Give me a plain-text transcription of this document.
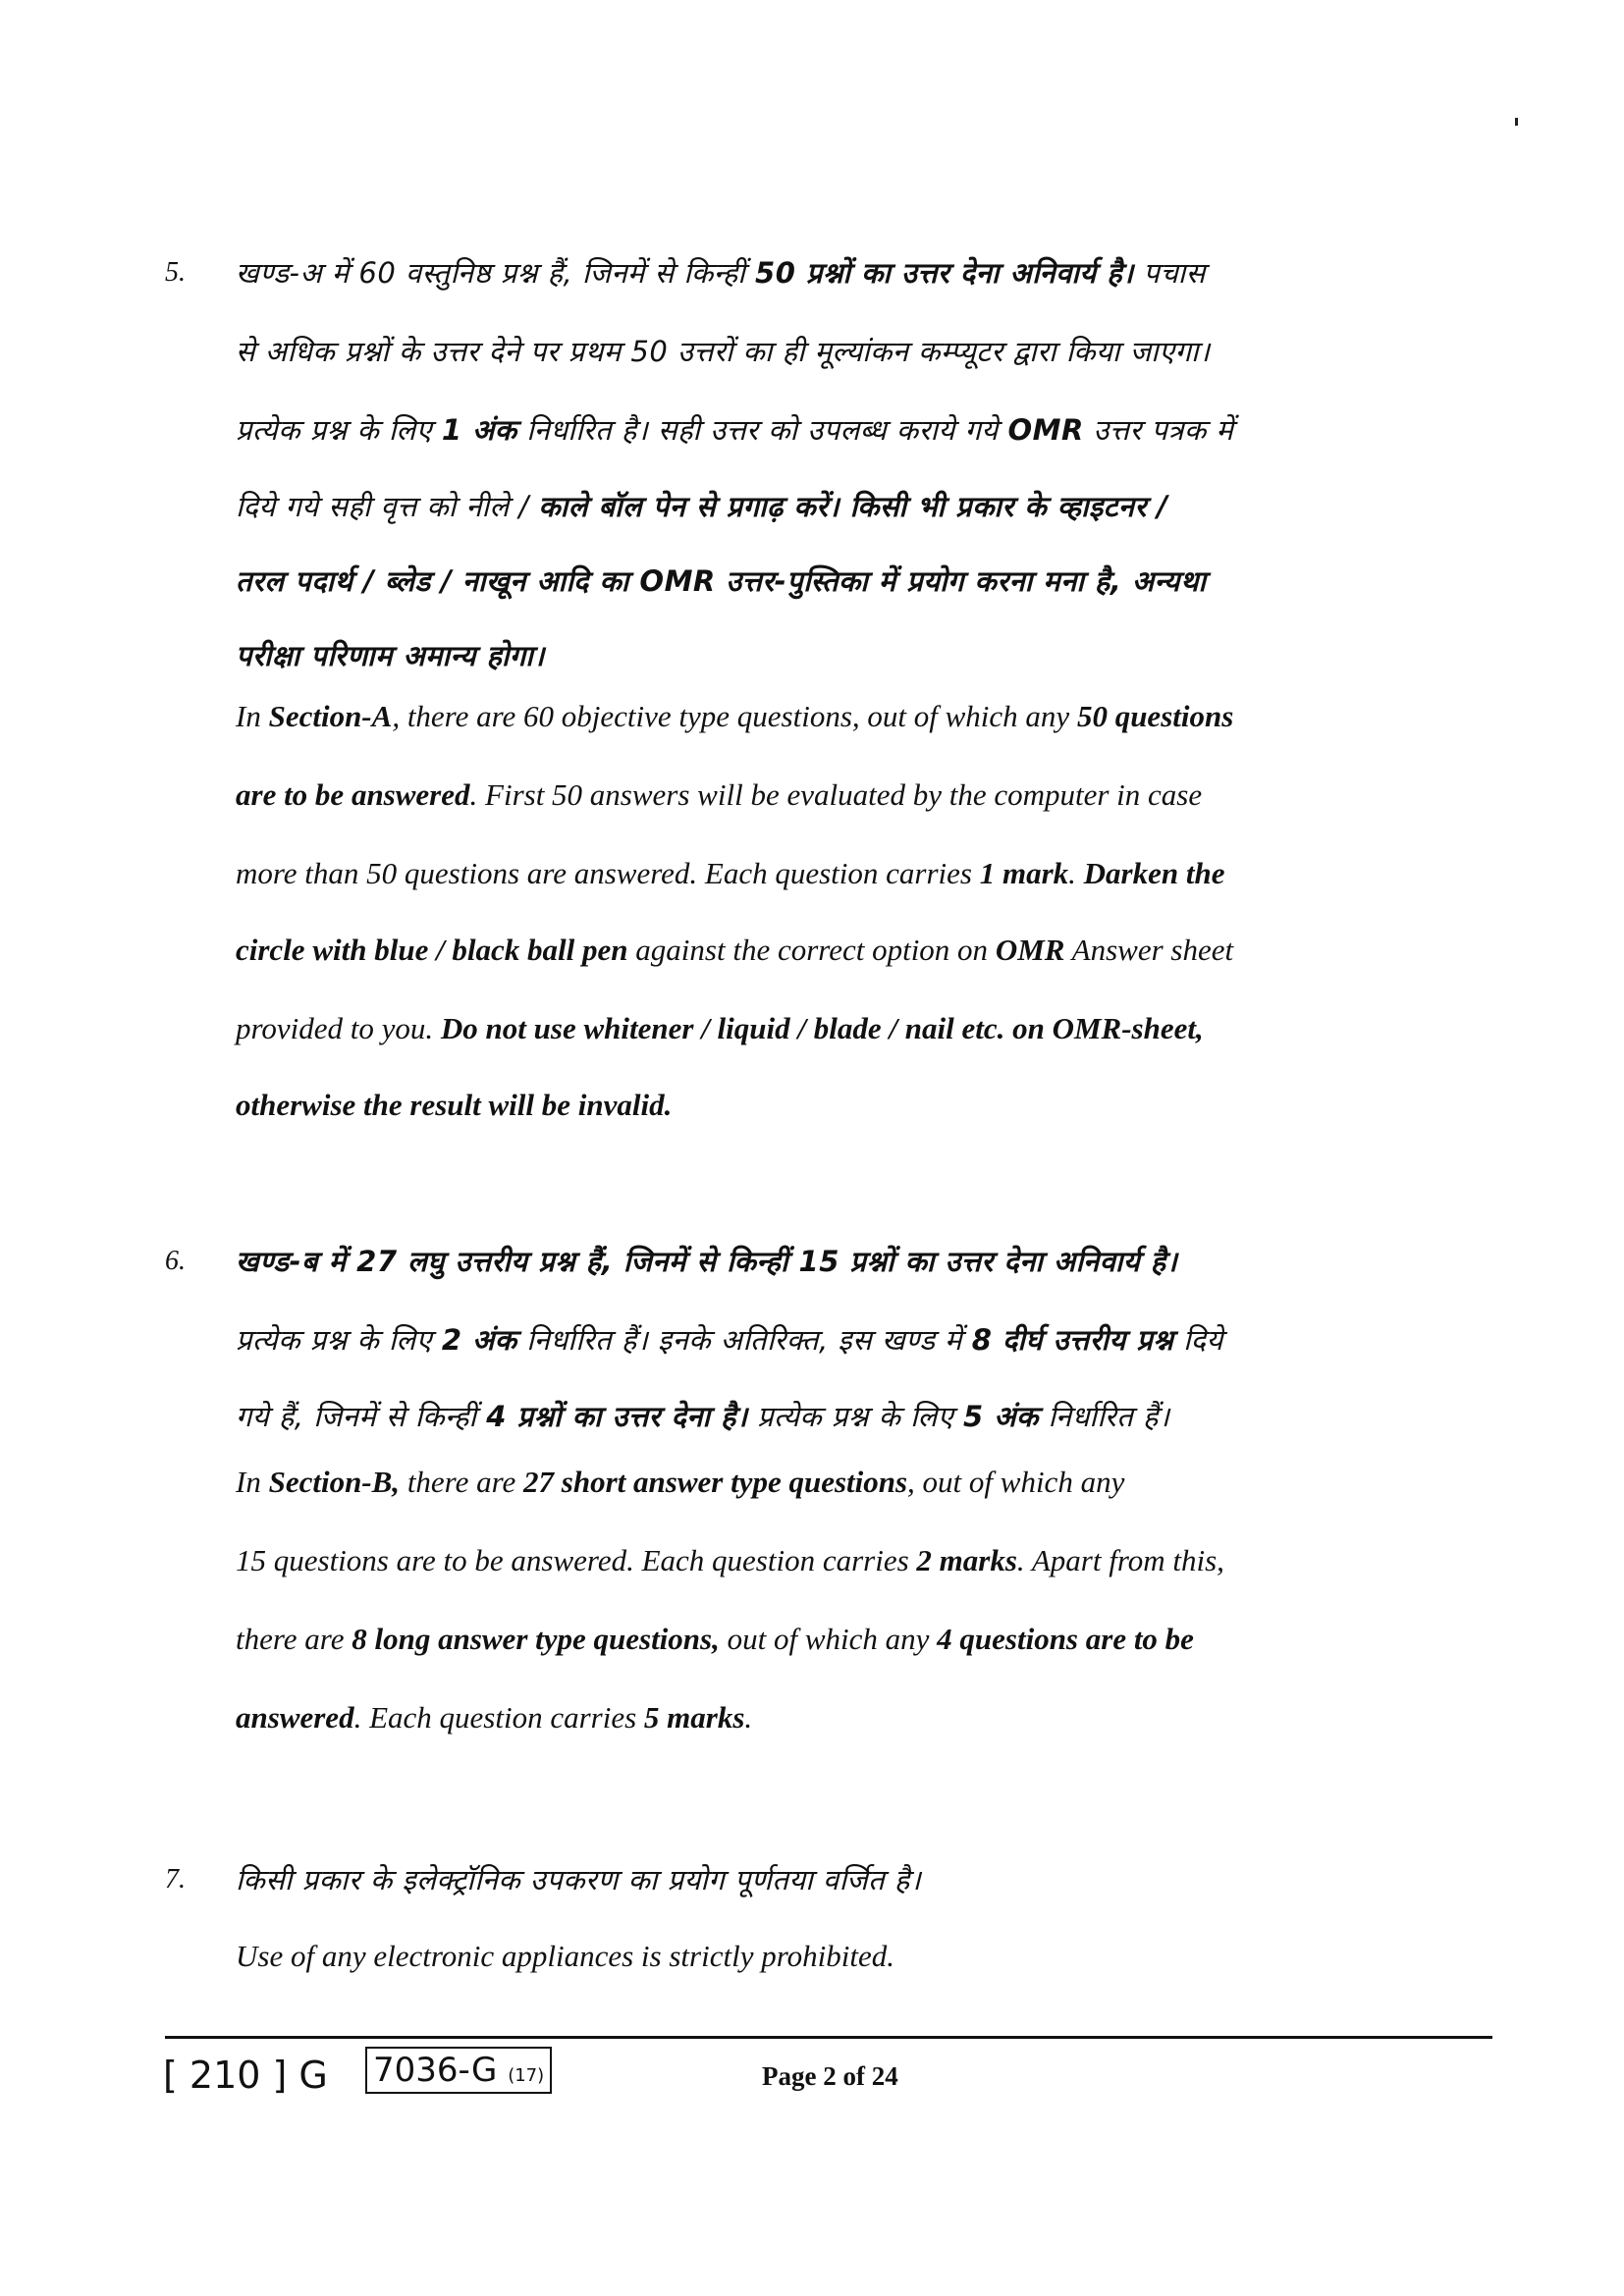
5. खण्ड-अ में 60 वस्तुनिष्ठ प्रश्न हैं, जिनमें से किन्हीं 50 प्रश्नों का उत्तर देना अनिवार्य है। पचास
से अधिक प्रश्नों के उत्तर देने पर प्रथम 50 उत्तरों का ही मूल्यांकन कम्प्यूटर द्वारा किया जाएगा।
प्रत्येक प्रश्न के लिए 1 अंक निर्धारित है। सही उत्तर को उपलब्ध कराये गये OMR उत्तर पत्रक में
दिये गये सही वृत्त को नीले / काले बॉल पेन से प्रगाढ़ करें। किसी भी प्रकार के व्हाइटनर /
तरल पदार्थ / ब्लेड / नाखून आदि का OMR उत्तर-पुस्तिका में प्रयोग करना मना है, अन्यथा
परीक्षा परिणाम अमान्य होगा।
In Section-A, there are 60 objective type questions, out of which any 50 questions
are to be answered. First 50 answers will be evaluated by the computer in case
more than 50 questions are answered. Each question carries 1 mark. Darken the
circle with blue / black ball pen against the correct option on OMR Answer sheet
provided to you. Do not use whitener / liquid / blade / nail etc. on OMR-sheet,
otherwise the result will be invalid.
6. खण्ड-ब में 27 लघु उत्तरीय प्रश्न हैं, जिनमें से किन्हीं 15 प्रश्नों का उत्तर देना अनिवार्य है।
प्रत्येक प्रश्न के लिए 2 अंक निर्धारित हैं। इनके अतिरिक्त, इस खण्ड में 8 दीर्घ उत्तरीय प्रश्न दिये
गये हैं, जिनमें से किन्हीं 4 प्रश्नों का उत्तर देना है। प्रत्येक प्रश्न के लिए 5 अंक निर्धारित हैं।
In Section-B, there are 27 short answer type questions, out of which any
15 questions are to be answered. Each question carries 2 marks. Apart from this,
there are 8 long answer type questions, out of which any 4 questions are to be
answered. Each question carries 5 marks.
7. किसी प्रकार के इलेक्ट्रॉनिक उपकरण का प्रयोग पूर्णतया वर्जित है।
Use of any electronic appliances is strictly prohibited.
[ 210 ] G 7036-G (17)	Page 2 of 24
